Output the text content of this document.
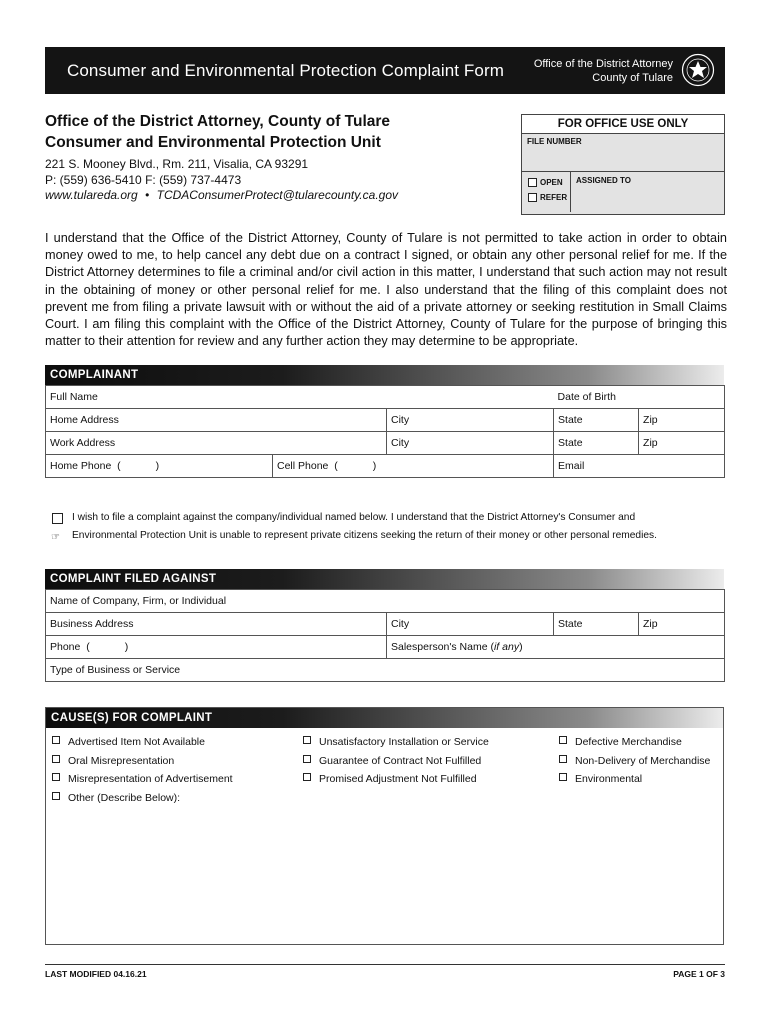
Consumer and Environmental Protection Complaint Form	Office of the District Attorney
County of Tulare
Office of the District Attorney, County of Tulare
Consumer and Environmental Protection Unit
221 S. Mooney Blvd., Rm. 211, Visalia, CA 93291
P: (559) 636-5410 F: (559) 737-4473
www.tulareda.org • TCDAConsumerProtect@tularecounty.ca.gov
FOR OFFICE USE ONLY
FILE NUMBER
OPEN
REFER
ASSIGNED TO
I understand that the Office of the District Attorney, County of Tulare is not permitted to take action in order to obtain money owed to me, to help cancel any debt due on a contract I signed, or obtain any other personal relief for me. If the District Attorney determines to file a criminal and/or civil action in this matter, I understand that such action may not result in the obtaining of money or other personal relief for me. I also understand that the filing of this complaint does not prevent me from filing a private lawsuit with or without the aid of a private attorney or seeking restitution in Small Claims Court. I am filing this complaint with the Office of the District Attorney, County of Tulare for the purpose of bringing this matter to their attention for review and any further action they may determine to be appropriate.
COMPLAINANT
Full Name			Date of Birth	
Home Address		City	State	Zip
Work Address		City	State	Zip
Home Phone  (            )	Cell Phone  (            )		Email	
☞
I wish to file a complaint against the company/individual named below. I understand that the District Attorney's Consumer and
Environmental Protection Unit is unable to represent private citizens seeking the return of their money or other personal remedies.
COMPLAINT FILED AGAINST
Name of Company, Firm, or Individual			
Business Address	City	State	Zip
Phone  (            )	Salesperson's Name (if any)		
Type of Business or Service			
CAUSE(S) FOR COMPLAINT
Advertised Item Not Available
Oral Misrepresentation
Misrepresentation of Advertisement
Other (Describe Below):
Unsatisfactory Installation or Service
Guarantee of Contract Not Fulfilled
Promised Adjustment Not Fulfilled
Defective Merchandise
Non-Delivery of Merchandise
Environmental
LAST MODIFIED 04.16.21	PAGE 1 OF 3
